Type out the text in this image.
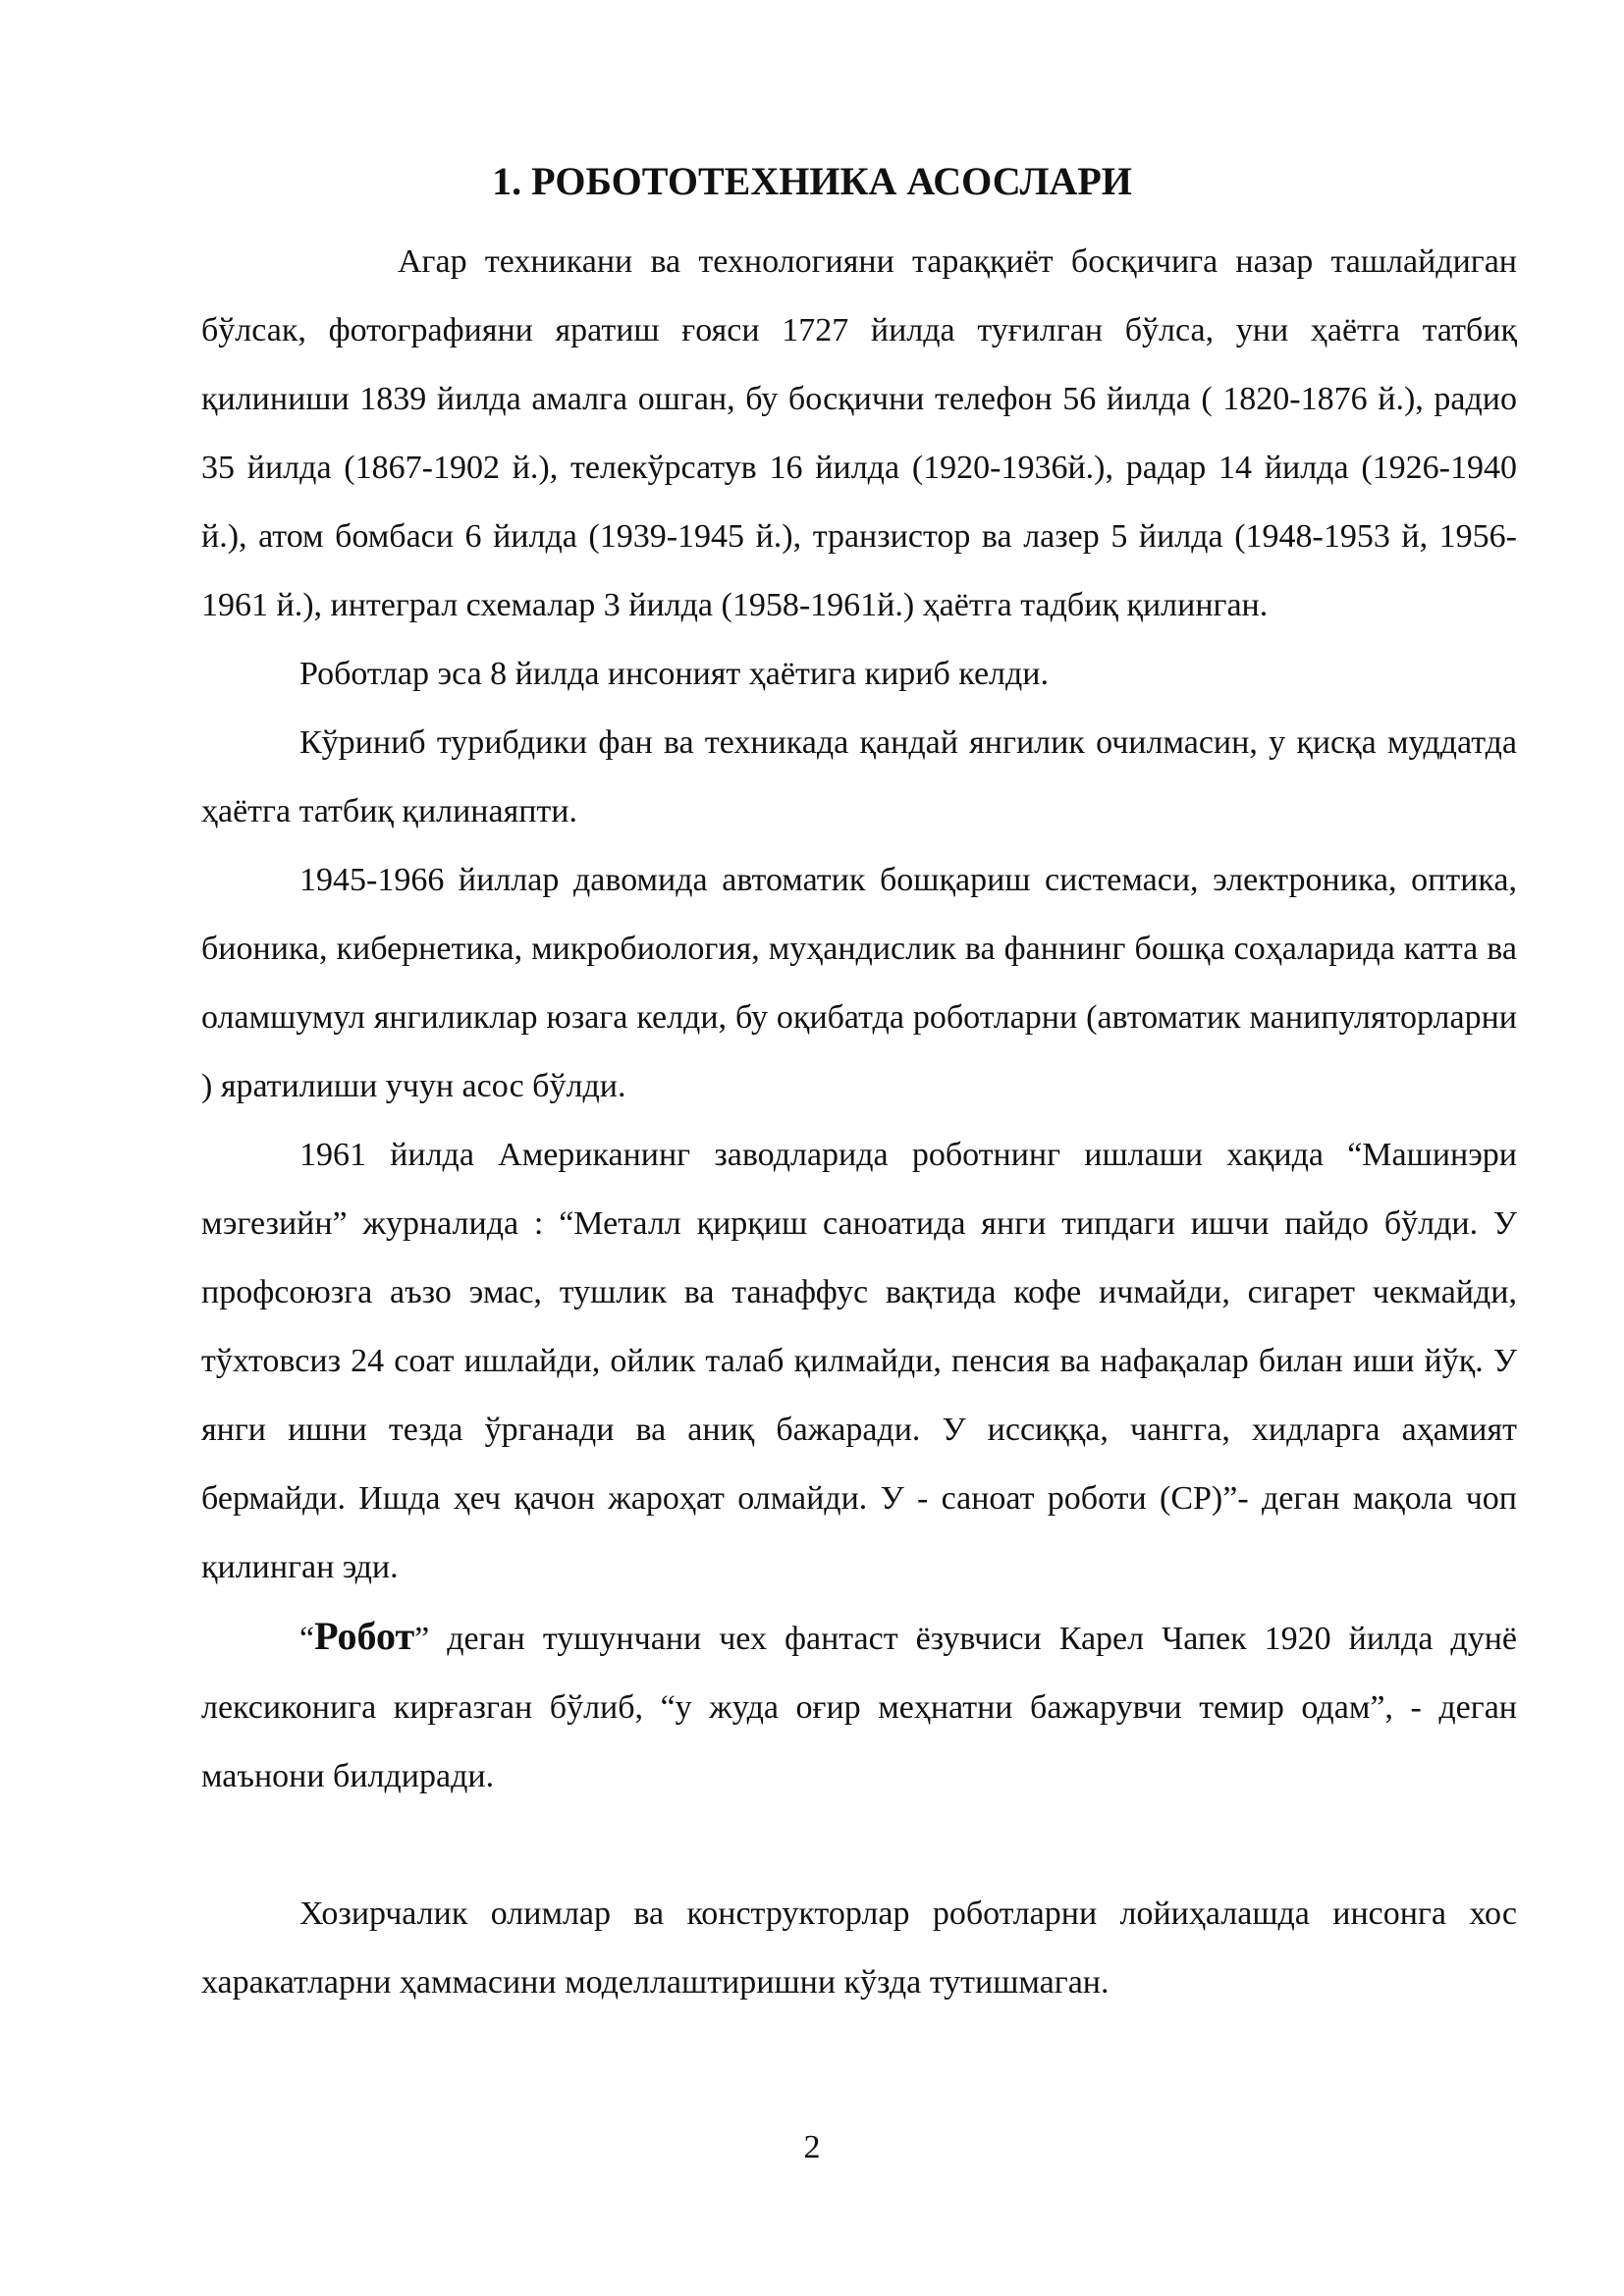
1. РОБОТОТЕХНИКА АСОСЛАРИ

Агар техникани ва технологияни тараққиёт босқичига назар ташлайдиган бўлсак, фотографияни яратиш ғояси 1727 йилда туғилган бўлса, уни ҳаётга татбиқ қилиниши 1839 йилда амалга ошган, бу босқични телефон 56 йилда ( 1820-1876 й.), радио 35 йилда (1867-1902 й.), телекўрсатув 16 йилда (1920-1936й.), радар 14 йилда (1926-1940 й.), атом бомбаси 6 йилда (1939-1945 й.), транзистор ва лазер 5 йилда (1948-1953 й, 1956-1961 й.), интеграл схемалар 3 йилда (1958-1961й.) ҳаётга тадбиқ қилинган.

Роботлар эса 8 йилда инсоният ҳаётига кириб келди.

Кўриниб турибдики фан ва техникада қандай янгилик очилмасин, у қисқа муддатда ҳаётга татбиқ қилинаяпти.

1945-1966 йиллар давомида автоматик бошқариш системаси, электроника, оптика, бионика, кибернетика, микробиология, муҳандислик ва фаннинг бошқа соҳаларида катта ва оламшумул янгиликлар юзага келди, бу оқибатда роботларни (автоматик манипуляторларни ) яратилиши учун асос бўлди.

1961 йилда Американинг заводларида роботнинг ишлаши хақида “Машинэри мэгезийн” журналида : “Металл қирқиш саноатида янги типдаги ишчи пайдо бўлди. У профсоюзга аъзо эмас, тушлик ва танаффус вақтида кофе ичмайди, сигарет чекмайди, тўхтовсиз 24 соат ишлайди, ойлик талаб қилмайди, пенсия ва нафақалар билан иши йўқ. У янги ишни тезда ўрганади ва аниқ бажаради. У иссиққа, чангга, хидларга аҳамият бермайди. Ишда ҳеч қачон жароҳат олмайди. У - саноат роботи (СР)”- деган мақола чоп қилинган эди.

“Робот” деган тушунчани чех фантаст ёзувчиси Карел Чапек 1920 йилда дунё лексиконига кирғазган бўлиб, “у жуда оғир меҳнатни бажарувчи темир одам”, - деган маънони билдиради.

Хозирчалик олимлар ва конструкторлар роботларни лойиҳалашда инсонга хос харакатларни ҳаммасини моделлаштиришни кўзда тутишмаган.

2
